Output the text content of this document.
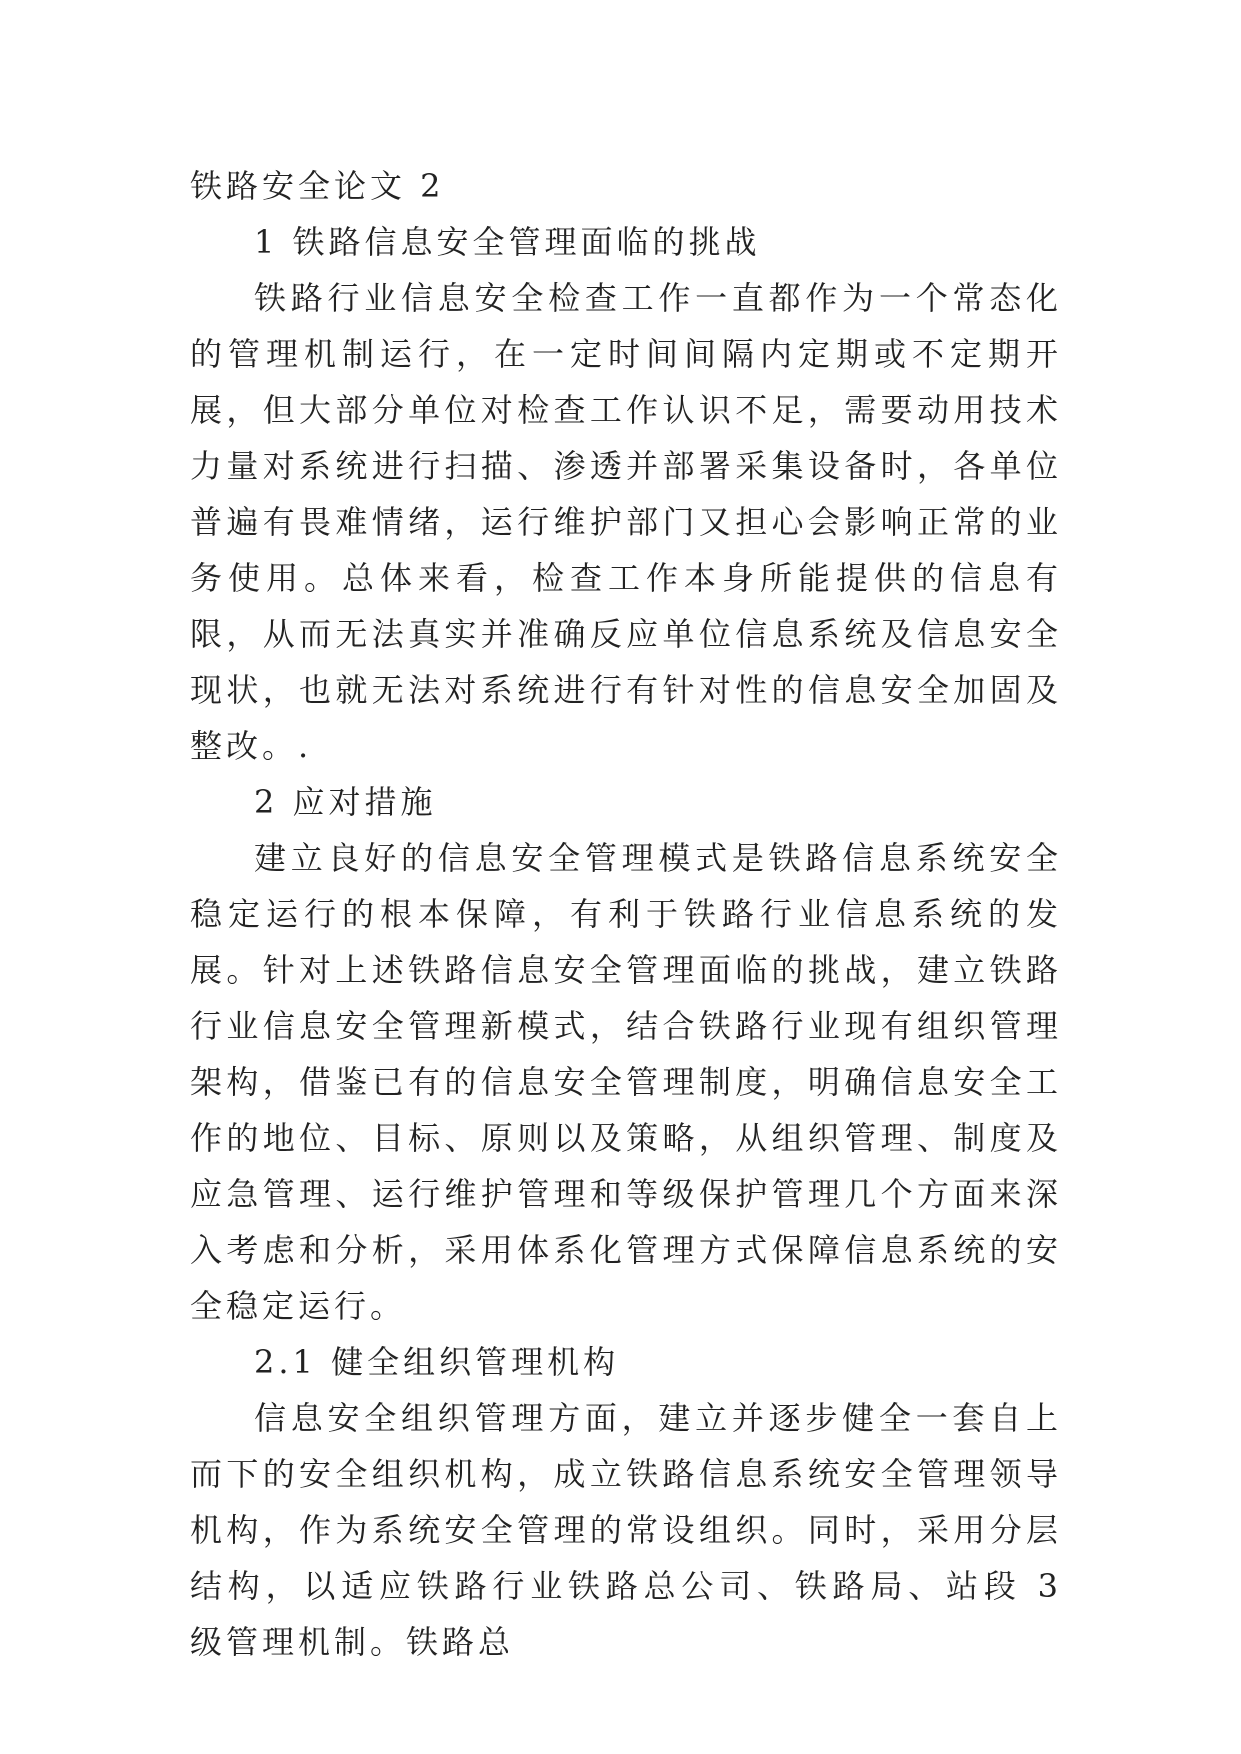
铁路安全论文 2

1 铁路信息安全管理面临的挑战

铁路行业信息安全检查工作一直都作为一个常态化的管理机制运行，在一定时间间隔内定期或不定期开展，但大部分单位对检查工作认识不足，需要动用技术力量对系统进行扫描、渗透并部署采集设备时，各单位普遍有畏难情绪，运行维护部门又担心会影响正常的业务使用。总体来看，检查工作本身所能提供的信息有限，从而无法真实并准确反应单位信息系统及信息安全现状，也就无法对系统进行有针对性的信息安全加固及整改。.

2 应对措施

建立良好的信息安全管理模式是铁路信息系统安全稳定运行的根本保障，有利于铁路行业信息系统的发展。针对上述铁路信息安全管理面临的挑战，建立铁路行业信息安全管理新模式，结合铁路行业现有组织管理架构，借鉴已有的信息安全管理制度，明确信息安全工作的地位、目标、原则以及策略，从组织管理、制度及应急管理、运行维护管理和等级保护管理几个方面来深入考虑和分析，采用体系化管理方式保障信息系统的安全稳定运行。

2.1 健全组织管理机构

信息安全组织管理方面，建立并逐步健全一套自上而下的安全组织机构，成立铁路信息系统安全管理领导机构，作为系统安全管理的常设组织。同时，采用分层结构，以适应铁路行业铁路总公司、铁路局、站段 3 级管理机制。铁路总
